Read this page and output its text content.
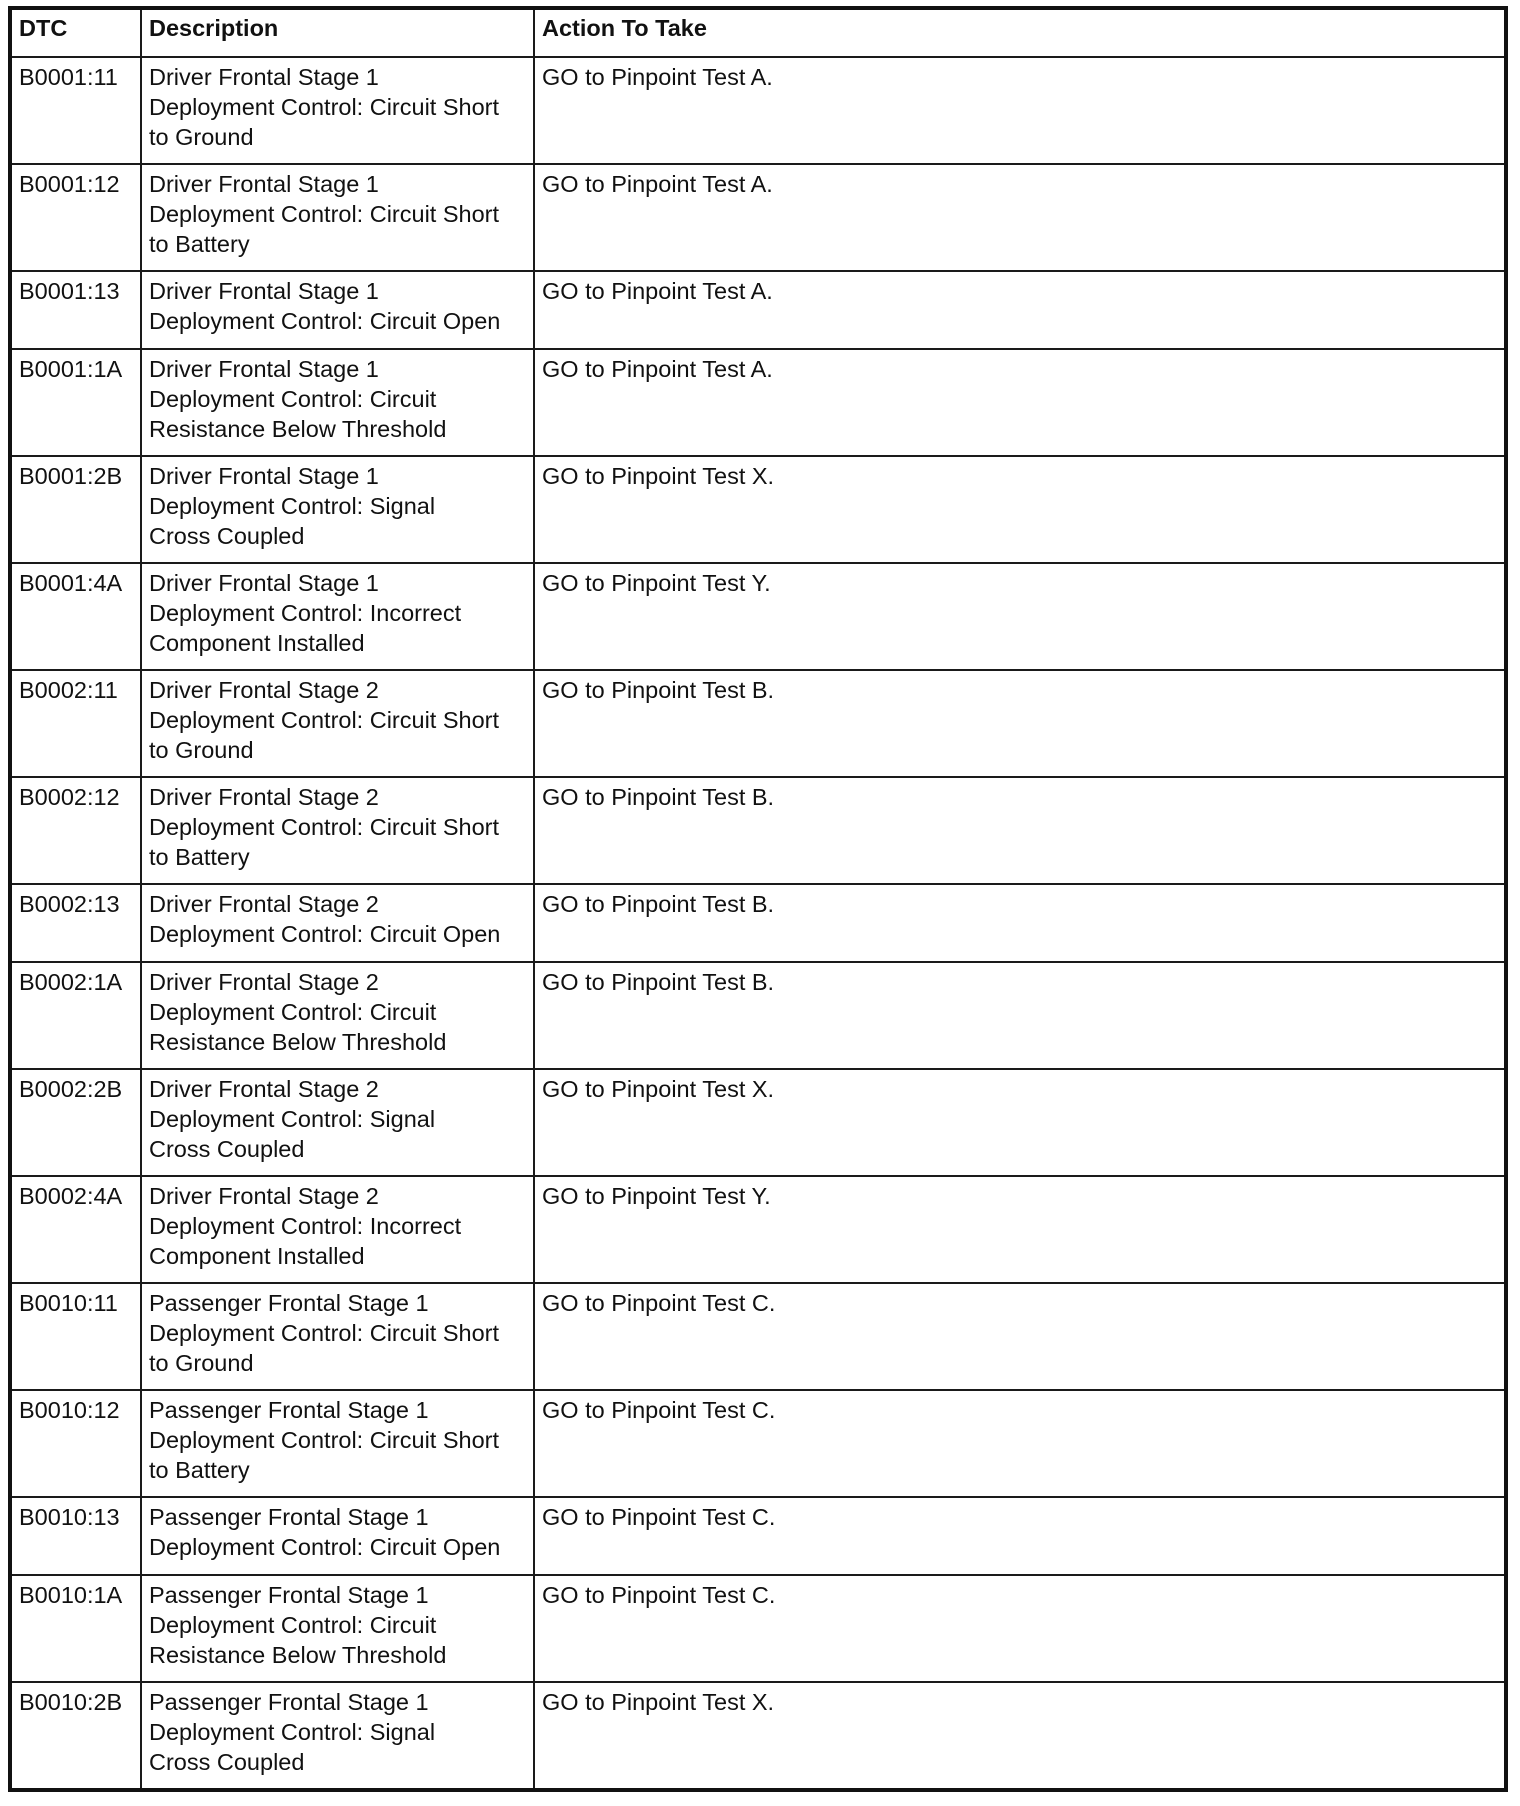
DTC	Description	Action To Take
B0001:11	Driver Frontal Stage 1
Deployment Control: Circuit Short
to Ground	GO to Pinpoint Test A.
B0001:12	Driver Frontal Stage 1
Deployment Control: Circuit Short
to Battery	GO to Pinpoint Test A.
B0001:13	Driver Frontal Stage 1
Deployment Control: Circuit Open	GO to Pinpoint Test A.
B0001:1A	Driver Frontal Stage 1
Deployment Control: Circuit
Resistance Below Threshold	GO to Pinpoint Test A.
B0001:2B	Driver Frontal Stage 1
Deployment Control: Signal
Cross Coupled	GO to Pinpoint Test X.
B0001:4A	Driver Frontal Stage 1
Deployment Control: Incorrect
Component Installed	GO to Pinpoint Test Y.
B0002:11	Driver Frontal Stage 2
Deployment Control: Circuit Short
to Ground	GO to Pinpoint Test B.
B0002:12	Driver Frontal Stage 2
Deployment Control: Circuit Short
to Battery	GO to Pinpoint Test B.
B0002:13	Driver Frontal Stage 2
Deployment Control: Circuit Open	GO to Pinpoint Test B.
B0002:1A	Driver Frontal Stage 2
Deployment Control: Circuit
Resistance Below Threshold	GO to Pinpoint Test B.
B0002:2B	Driver Frontal Stage 2
Deployment Control: Signal
Cross Coupled	GO to Pinpoint Test X.
B0002:4A	Driver Frontal Stage 2
Deployment Control: Incorrect
Component Installed	GO to Pinpoint Test Y.
B0010:11	Passenger Frontal Stage 1
Deployment Control: Circuit Short
to Ground	GO to Pinpoint Test C.
B0010:12	Passenger Frontal Stage 1
Deployment Control: Circuit Short
to Battery	GO to Pinpoint Test C.
B0010:13	Passenger Frontal Stage 1
Deployment Control: Circuit Open	GO to Pinpoint Test C.
B0010:1A	Passenger Frontal Stage 1
Deployment Control: Circuit
Resistance Below Threshold	GO to Pinpoint Test C.
B0010:2B	Passenger Frontal Stage 1
Deployment Control: Signal
Cross Coupled	GO to Pinpoint Test X.
